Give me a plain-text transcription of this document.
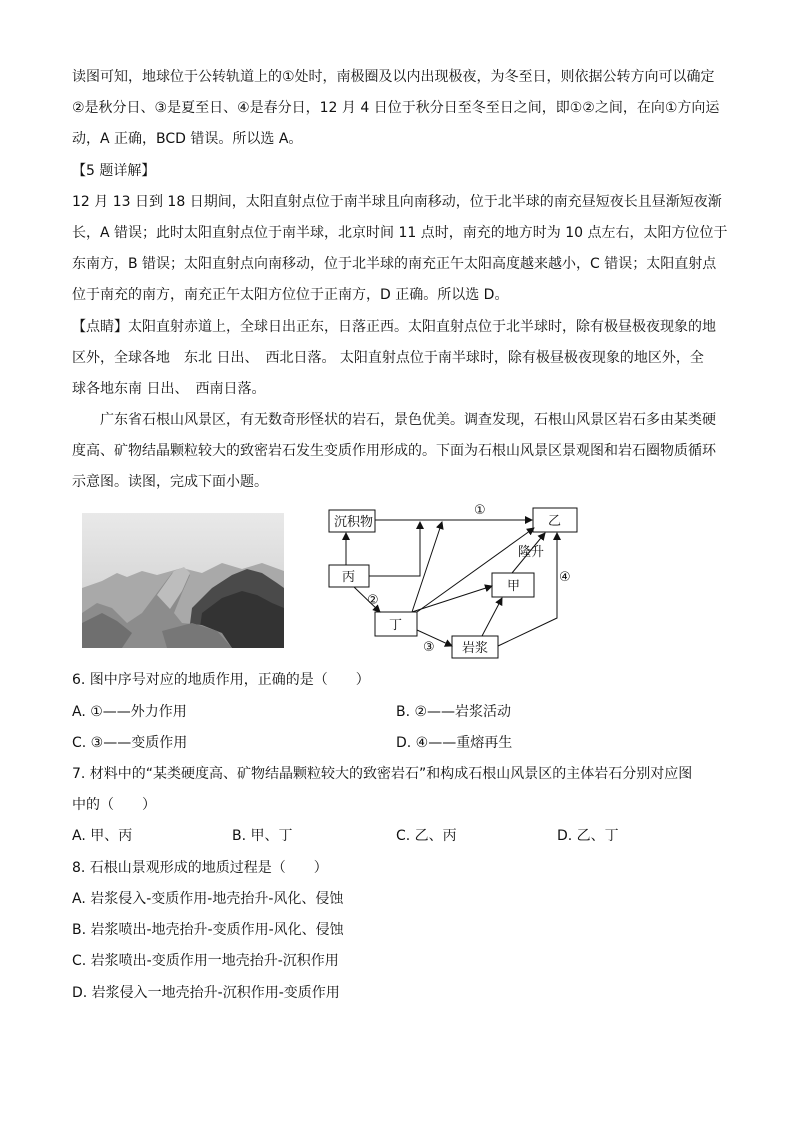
读图可知，地球位于公转轨道上的①处时，南极圈及以内出现极夜，为冬至日，则依据公转方向可以确定
②是秋分日、③是夏至日、④是春分日，12 月 4 日位于秋分日至冬至日之间，即①②之间，在向①方向运
动，A 正确，BCD 错误。所以选 A。
【5 题详解】
12 月 13 日到 18 日期间，太阳直射点位于南半球且向南移动，位于北半球的南充昼短夜长且昼渐短夜渐
长，A 错误；此时太阳直射点位于南半球，北京时间 11 点时，南充的地方时为 10 点左右，太阳方位位于
东南方，B 错误；太阳直射点向南移动，位于北半球的南充正午太阳高度越来越小，C 错误；太阳直射点
位于南充的南方，南充正午太阳方位位于正南方，D 正确。所以选 D。
【点睛】太阳直射赤道上，全球日出正东，日落正西。太阳直射点位于北半球时，除有极昼极夜现象的地
区外，全球各地　东北 日出、　西北日落。 太阳直射点位于南半球时，除有极昼极夜现象的地区外，全
球各地东南 日出、　西南日落。
广东省石根山风景区，有无数奇形怪状的岩石，景色优美。调查发现，石根山风景区岩石多由某类硬
度高、矿物结晶颗粒较大的致密岩石发生变质作用形成的。下面为石根山风景区景观图和岩石圈物质循环
示意图。读图，完成下面小题。
沉积物	乙
丙
甲
丁
岩浆
①
②
③
④
隆升
6. 图中序号对应的地质作用，正确的是（　　）
A. ①——外力作用	B. ②——岩浆活动
C. ③——变质作用	D. ④——重熔再生
7. 材料中的“某类硬度高、矿物结晶颗粒较大的致密岩石”和构成石根山风景区的主体岩石分别对应图
中的（　　）
A. 甲、丙	B. 甲、丁	C. 乙、丙	D. 乙、丁
8. 石根山景观形成的地质过程是（　　）
A. 岩浆侵入-变质作用-地壳抬升-风化、侵蚀
B. 岩浆喷出-地壳抬升-变质作用-风化、侵蚀
C. 岩浆喷出-变质作用一地壳抬升-沉积作用
D. 岩浆侵入一地壳抬升-沉积作用-变质作用
